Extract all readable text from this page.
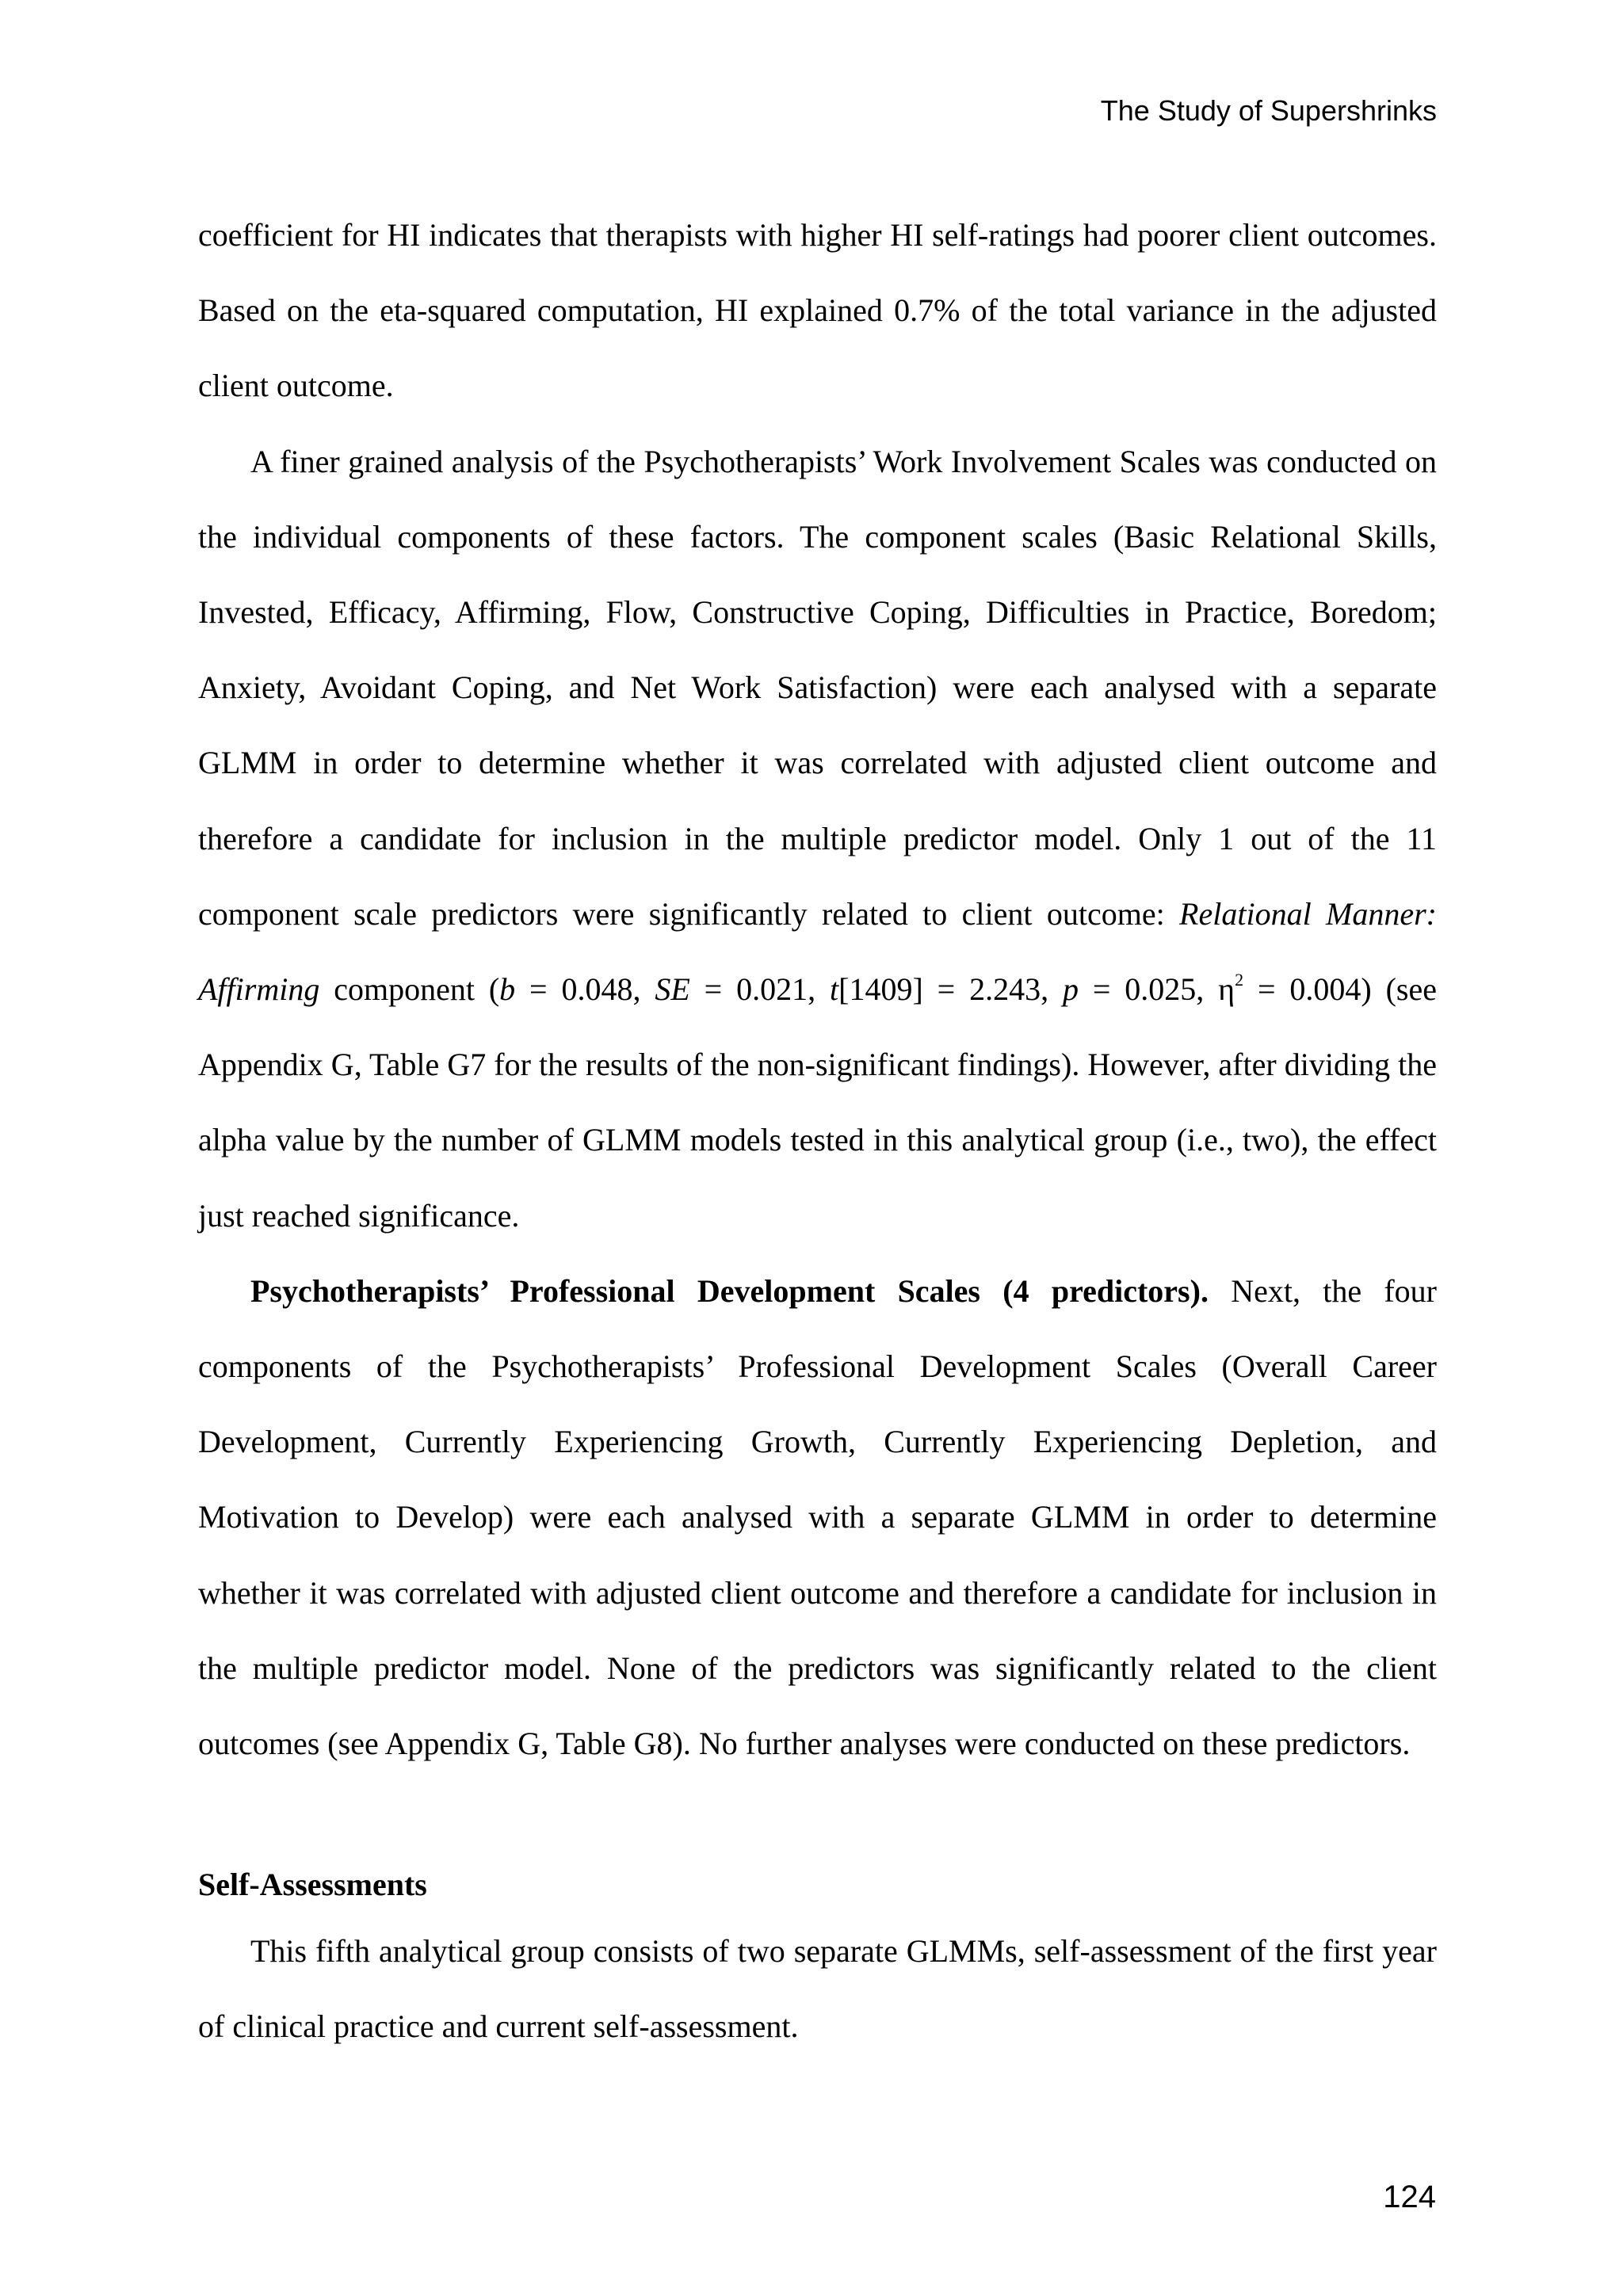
The Study of Supershrinks

coefficient for HI indicates that therapists with higher HI self-ratings had poorer client outcomes. Based on the eta-squared computation, HI explained 0.7% of the total variance in the adjusted client outcome.

A finer grained analysis of the Psychotherapists’ Work Involvement Scales was conducted on the individual components of these factors. The component scales (Basic Relational Skills, Invested, Efficacy, Affirming, Flow, Constructive Coping, Difficulties in Practice, Boredom; Anxiety, Avoidant Coping, and Net Work Satisfaction) were each analysed with a separate GLMM in order to determine whether it was correlated with adjusted client outcome and therefore a candidate for inclusion in the multiple predictor model. Only 1 out of the 11 component scale predictors were significantly related to client outcome: Relational Manner: Affirming component (b = 0.048, SE = 0.021, t[1409] = 2.243, p = 0.025, $\eta^2 = 0.004$) (see Appendix G, Table G7 for the results of the non-significant findings). However, after dividing the alpha value by the number of GLMM models tested in this analytical group (i.e., two), the effect just reached significance.

Psychotherapists’ Professional Development Scales (4 predictors). Next, the four components of the Psychotherapists’ Professional Development Scales (Overall Career Development, Currently Experiencing Growth, Currently Experiencing Depletion, and Motivation to Develop) were each analysed with a separate GLMM in order to determine whether it was correlated with adjusted client outcome and therefore a candidate for inclusion in the multiple predictor model. None of the predictors was significantly related to the client outcomes (see Appendix G, Table G8). No further analyses were conducted on these predictors.

Self-Assessments

This fifth analytical group consists of two separate GLMMs, self-assessment of the first year of clinical practice and current self-assessment.

124
